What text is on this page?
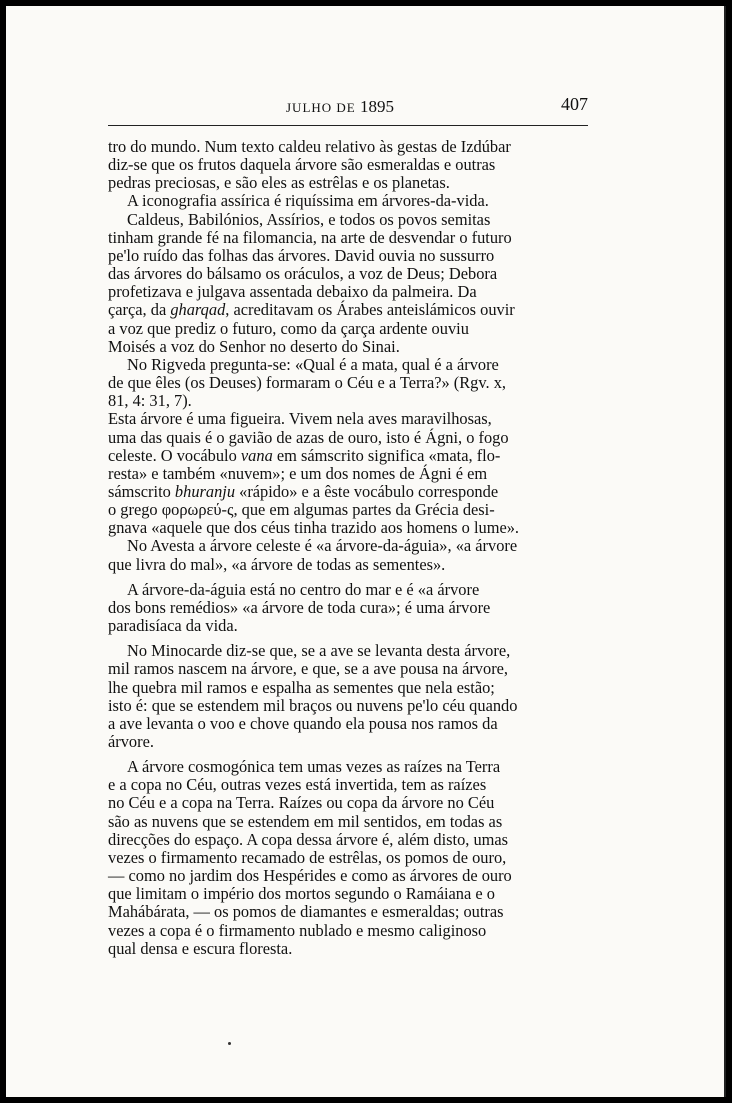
JULHO DE 1895	407

tro do mundo. Num texto caldeu relativo às gestas de Izdúbar
diz-se que os frutos daquela árvore são esmeraldas e outras
pedras preciosas, e são eles as estrêlas e os planetas.

A iconografia assírica é riquíssima em árvores-da-vida.

Caldeus, Babilónios, Assírios, e todos os povos semitas
tinham grande fé na filomancia, na arte de desvendar o futuro
pe'lo ruído das folhas das árvores. David ouvia no sussurro
das árvores do bálsamo os oráculos, a voz de Deus; Debora
profetizava e julgava assentada debaixo da palmeira. Da
çarça, da gharqad, acreditavam os Árabes anteislámicos ouvir
a voz que prediz o futuro, como da çarça ardente ouviu
Moisés a voz do Senhor no deserto do Sinai.

No Rigveda pregunta-se: «Qual é a mata, qual é a árvore
de que êles (os Deuses) formaram o Céu e a Terra?» (Rgv. x,
81, 4: 31, 7).

Esta árvore é uma figueira. Vivem nela aves maravilhosas,
uma das quais é o gavião de azas de ouro, isto é Ágni, o fogo
celeste. O vocábulo vana em sámscrito significa «mata, flo-
resta» e também «nuvem»; e um dos nomes de Ágni é em
sámscrito bhuranju «rápido» e a êste vocábulo corresponde
o grego φορωρεύ-ς, que em algumas partes da Grécia desi-
gnava «aquele que dos céus tinha trazido aos homens o lume».

No Avesta a árvore celeste é «a árvore-da-águia», «a árvore
que livra do mal», «a árvore de todas as sementes».

A árvore-da-águia está no centro do mar e é «a árvore
dos bons remédios» «a árvore de toda cura»; é uma árvore
paradisíaca da vida.

No Minocarde diz-se que, se a ave se levanta desta árvore,
mil ramos nascem na árvore, e que, se a ave pousa na árvore,
lhe quebra mil ramos e espalha as sementes que nela estão;
isto é: que se estendem mil braços ou nuvens pe'lo céu quando
a ave levanta o voo e chove quando ela pousa nos ramos da
árvore.

A árvore cosmogónica tem umas vezes as raízes na Terra
e a copa no Céu, outras vezes está invertida, tem as raízes
no Céu e a copa na Terra. Raízes ou copa da árvore no Céu
são as nuvens que se estendem em mil sentidos, em todas as
direcções do espaço. A copa dessa árvore é, além disto, umas
vezes o firmamento recamado de estrêlas, os pomos de ouro,
— como no jardim dos Hespérides e como as árvores de ouro
que limitam o império dos mortos segundo o Ramáiana e o
Mahábárata, — os pomos de diamantes e esmeraldas; outras
vezes a copa é o firmamento nublado e mesmo caliginoso
qual densa e escura floresta.
